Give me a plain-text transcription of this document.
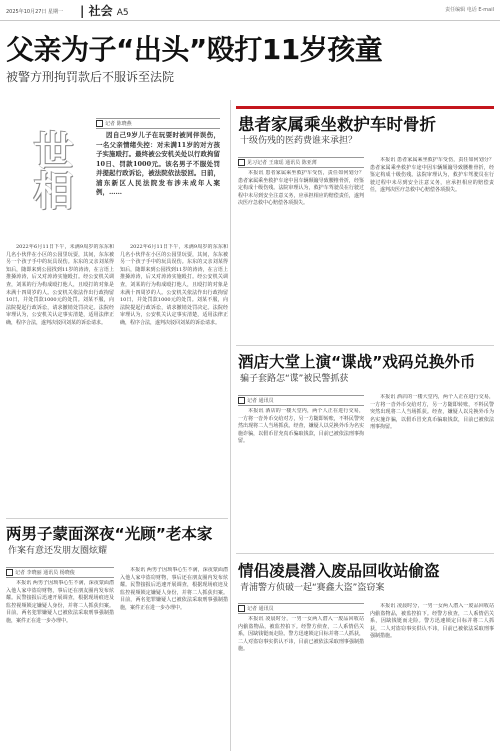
2025年10月27日 星期一 | 社会 A5	责任编辑 电话 E-mail
父亲为子“出头”殴打11岁孩童
被警方刑拘罚款后不服诉至法院
世相
记者 陈晓燕
因自己9岁儿子在玩耍时被同伴误伤，一名父亲情绪失控：对未满11岁的对方孩子实施殴打。最终被公安机关处以行政拘留10日、罚款1000元。该名男子不服处罚并提起行政诉讼，被法院依法驳回。日前，浦东新区人民法院发布涉未成年人案例，……
2022年6月11日下午，未满9周岁的东东和几名小伙伴在小区的公园里玩耍，其间，东东被另一个孩子手中的玩具误伤。东东的父亲刘某得知后，随即来到公园找到11岁的涛涛，在言语上推搡涛涛，后又对涛涛实施殴打。经公安机关调查，刘某的行为构成殴打他人，且殴打的对象是未满十四周岁的人。公安机关依法作出行政拘留10日，并处罚款1000元的处罚。刘某不服，向法院提起行政诉讼，请求撤销处罚决定。法院经审理认为，公安机关认定事实清楚，适用法律正确，程序合法，遂判决驳回刘某的诉讼请求。
2022年6月11日下午，未满9周岁的东东和几名小伙伴在小区的公园里玩耍，其间，东东被另一个孩子手中的玩具误伤。东东的父亲刘某得知后，随即来到公园找到11岁的涛涛，在言语上推搡涛涛，后又对涛涛实施殴打。经公安机关调查，刘某的行为构成殴打他人，且殴打的对象是未满十四周岁的人。公安机关依法作出行政拘留10日，并处罚款1000元的处罚。刘某不服，向法院提起行政诉讼，请求撤销处罚决定。法院经审理认为，公安机关认定事实清楚，适用法律正确，程序合法，遂判决驳回刘某的诉讼请求。
患者家属乘坐救护车时骨折
十级伤残的医药费谁来承担？
见习记者 王康瑶 通讯员 陈亚薄
本报讯 患者家属乘坐救护车受伤，责任如何划分？患者家属乘坐救护车途中因车辆颠簸导致腰椎骨折，经鉴定构成十级伤残。法院审理认为，救护车驾驶员在行驶过程中未尽到安全注意义务，应承担相应的赔偿责任，遂判决医疗急救中心赔偿各项损失。
本报讯 患者家属乘坐救护车受伤，责任如何划分？患者家属乘坐救护车途中因车辆颠簸导致腰椎骨折，经鉴定构成十级伤残。法院审理认为，救护车驾驶员在行驶过程中未尽到安全注意义务，应承担相应的赔偿责任，遂判决医疗急救中心赔偿各项损失。
酒店大堂上演“谍战”戏码兑换外币
骗子套路怎“谍”被民警抓获
记者 通讯员
本报讯 酒店的一楼大堂内，两个人正在进行交易，一方将一沓外币交给对方，另一方随即转账，不料民警突然出现将二人当场抓获。经查，嫌疑人以兑换外币为名实施诈骗，以假币冒充真币骗取钱款，目前已被依法刑事拘留。
本报讯 酒店的一楼大堂内，两个人正在进行交易，一方将一沓外币交给对方，另一方随即转账，不料民警突然出现将二人当场抓获。经查，嫌疑人以兑换外币为名实施诈骗，以假币冒充真币骗取钱款，目前已被依法刑事拘留。
两男子蒙面深夜“光顾”老本家
作案有意还发朋友圈炫耀
记者 李晓丽 通讯员 杨晓俊
本报讯 两男子因琐事心生不满，深夜蒙面潜入他人家中盗窃财物，事后还在朋友圈内发布炫耀。民警接报后迅速开展调查，根据现场痕迹及监控视频锁定嫌疑人身份，并将二人抓获归案。目前，两名犯罪嫌疑人已被依法采取刑事强制措施，案件正在进一步办理中。
本报讯 两男子因琐事心生不满，深夜蒙面潜入他人家中盗窃财物，事后还在朋友圈内发布炫耀。民警接报后迅速开展调查，根据现场痕迹及监控视频锁定嫌疑人身份，并将二人抓获归案。目前，两名犯罪嫌疑人已被依法采取刑事强制措施，案件正在进一步办理中。
情侣凌晨潜入废品回收站偷盗
青浦警方侦破一起“赛鑫大盗”盗窃案
记者 通讯员
本报讯 凌晨时分，一男一女两人潜入一废品回收站内偷盗物品，被监控拍下。经警方侦查，二人系情侣关系，因缺钱铤而走险。警方迅速锁定目标并将二人抓获，二人对盗窃事实供认不讳，目前已被依法采取刑事强制措施。
本报讯 凌晨时分，一男一女两人潜入一废品回收站内偷盗物品，被监控拍下。经警方侦查，二人系情侣关系，因缺钱铤而走险。警方迅速锁定目标并将二人抓获，二人对盗窃事实供认不讳，目前已被依法采取刑事强制措施。
